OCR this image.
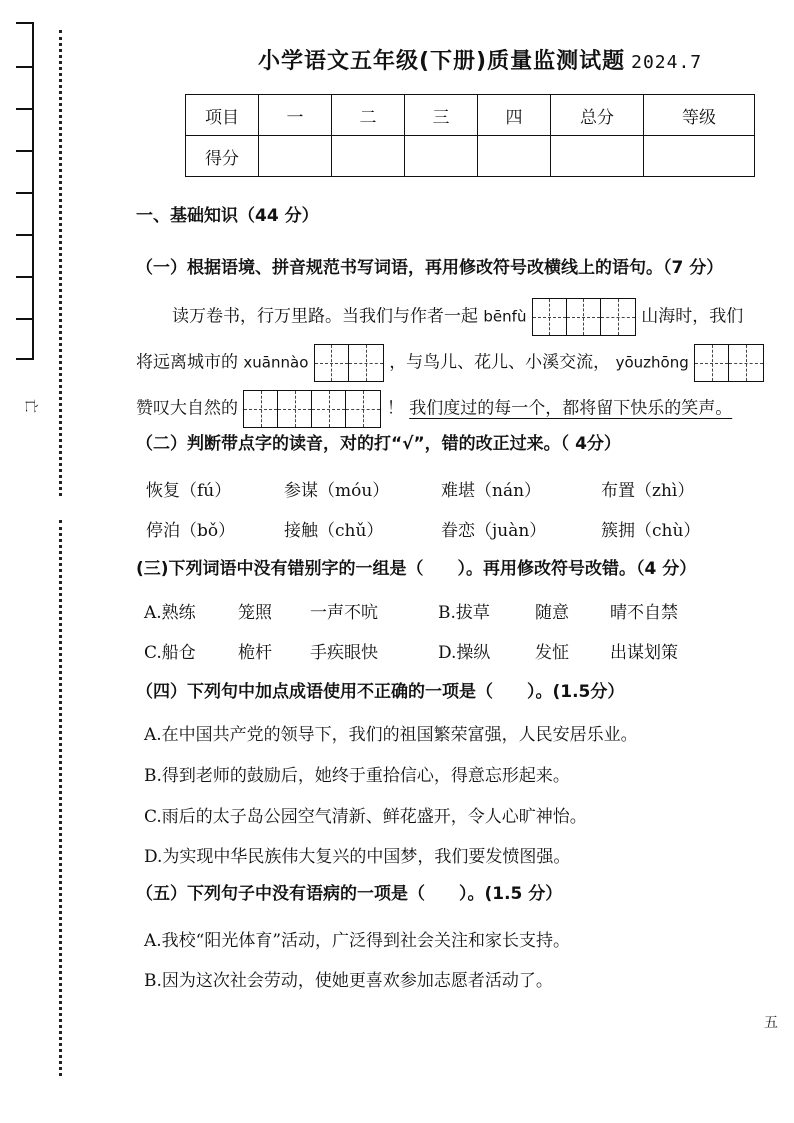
亡
小学语文五年级(下册)质量监测试题 2024.7
项目	一	二	三	四	总分	等级
得分						
一、基础知识（44 分）
（一）根据语境、拼音规范书写词语，再用修改符号改横线上的语句。（7 分）
读万卷书，行万里路。当我们与作者一起 bēnfù	山海时，我们
将远离城市的 xuānnào	，与鸟儿、花儿、小溪交流， yōuzhōng
赞叹大自然的	！ 我们度过的每一个，都将留下快乐的笑声。
（二）判断带点字的读音，对的打“√”，错的改正过来。（ 4分）
恢复（fú）	参谋（móu）	难堪（nán）	布置（zhì）
停泊（bǒ）	接触（chǔ）	眷恋（juàn）	簇拥（chù）
(三)下列词语中没有错别字的一组是（　　）。再用修改符号改错。（4 分）
A.熟练 笼照 一声不吭	B.拔草	随意 晴不自禁
C.船仓 桅杆 手疾眼快	D.操纵	发怔 出谋划策
（四）下列句中加点成语使用不正确的一项是（　　）。(1.5分）
A.在中国共产党的领导下，我们的祖国繁荣富强，人民安居乐业。
B.得到老师的鼓励后，她终于重拾信心，得意忘形起来。
C.雨后的太子岛公园空气清新、鲜花盛开，令人心旷神怡。
D.为实现中华民族伟大复兴的中国梦，我们要发愤图强。
（五）下列句子中没有语病的一项是（　　）。(1.5 分）
A.我校“阳光体育”活动，广泛得到社会关注和家长支持。
B.因为这次社会劳动，使她更喜欢参加志愿者活动了。
五
